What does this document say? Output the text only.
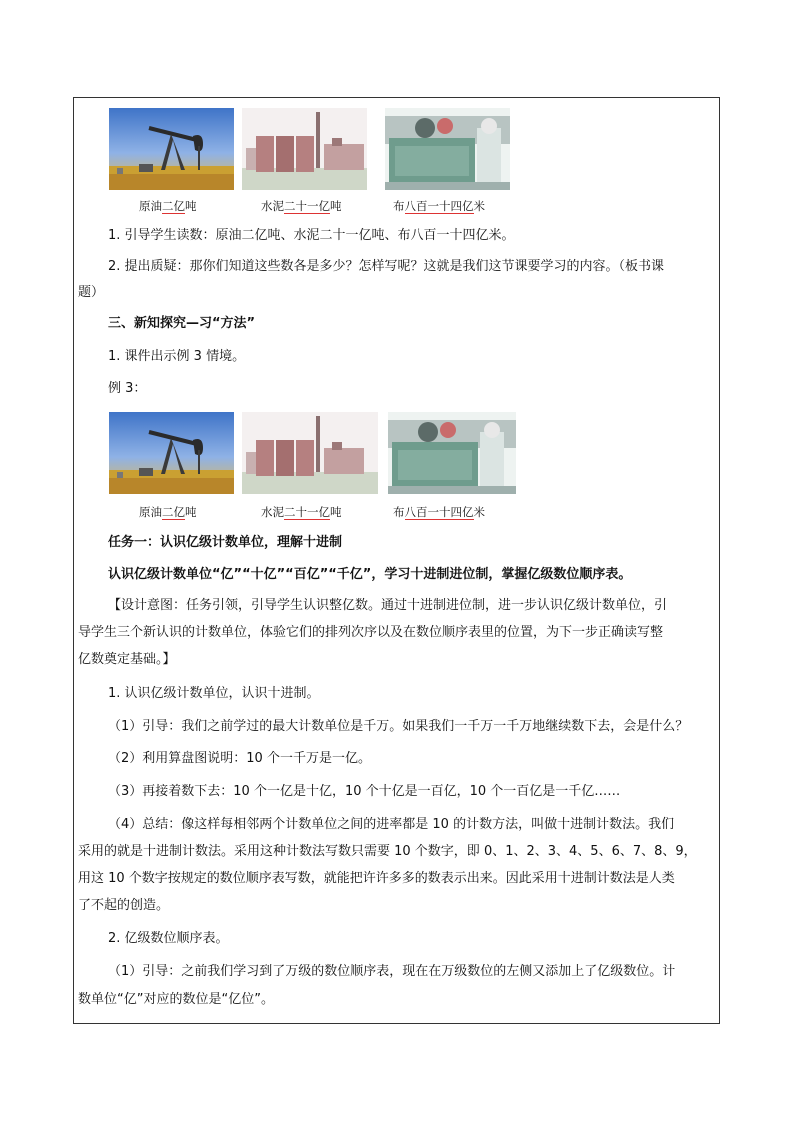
原油二亿吨	水泥二十一亿吨	布八百一十四亿米
1. 引导学生读数：原油二亿吨、水泥二十一亿吨、布八百一十四亿米。
2. 提出质疑：那你们知道这些数各是多少？怎样写呢？这就是我们这节课要学习的内容。（板书课
题）
三、新知探究—习“方法”
1. 课件出示例 3 情境。
例 3：
原油二亿吨	水泥二十一亿吨	布八百一十四亿米
任务一：认识亿级计数单位，理解十进制
认识亿级计数单位“亿”“十亿”“百亿”“千亿”，学习十进制进位制，掌握亿级数位顺序表。
【设计意图：任务引领，引导学生认识整亿数。通过十进制进位制，进一步认识亿级计数单位，引
导学生三个新认识的计数单位，体验它们的排列次序以及在数位顺序表里的位置，为下一步正确读写整
亿数奠定基础。】
1. 认识亿级计数单位，认识十进制。
（1）引导：我们之前学过的最大计数单位是千万。如果我们一千万一千万地继续数下去，会是什么？
（2）利用算盘图说明：10 个一千万是一亿。
（3）再接着数下去：10 个一亿是十亿，10 个十亿是一百亿，10 个一百亿是一千亿……
（4）总结：像这样每相邻两个计数单位之间的进率都是 10 的计数方法，叫做十进制计数法。我们
采用的就是十进制计数法。采用这种计数法写数只需要 10 个数字，即 0、1、2、3、4、5、6、7、8、9，
用这 10 个数字按规定的数位顺序表写数，就能把许许多多的数表示出来。因此采用十进制计数法是人类
了不起的创造。
2. 亿级数位顺序表。
（1）引导：之前我们学习到了万级的数位顺序表，现在在万级数位的左侧又添加上了亿级数位。计
数单位“亿”对应的数位是“亿位”。
